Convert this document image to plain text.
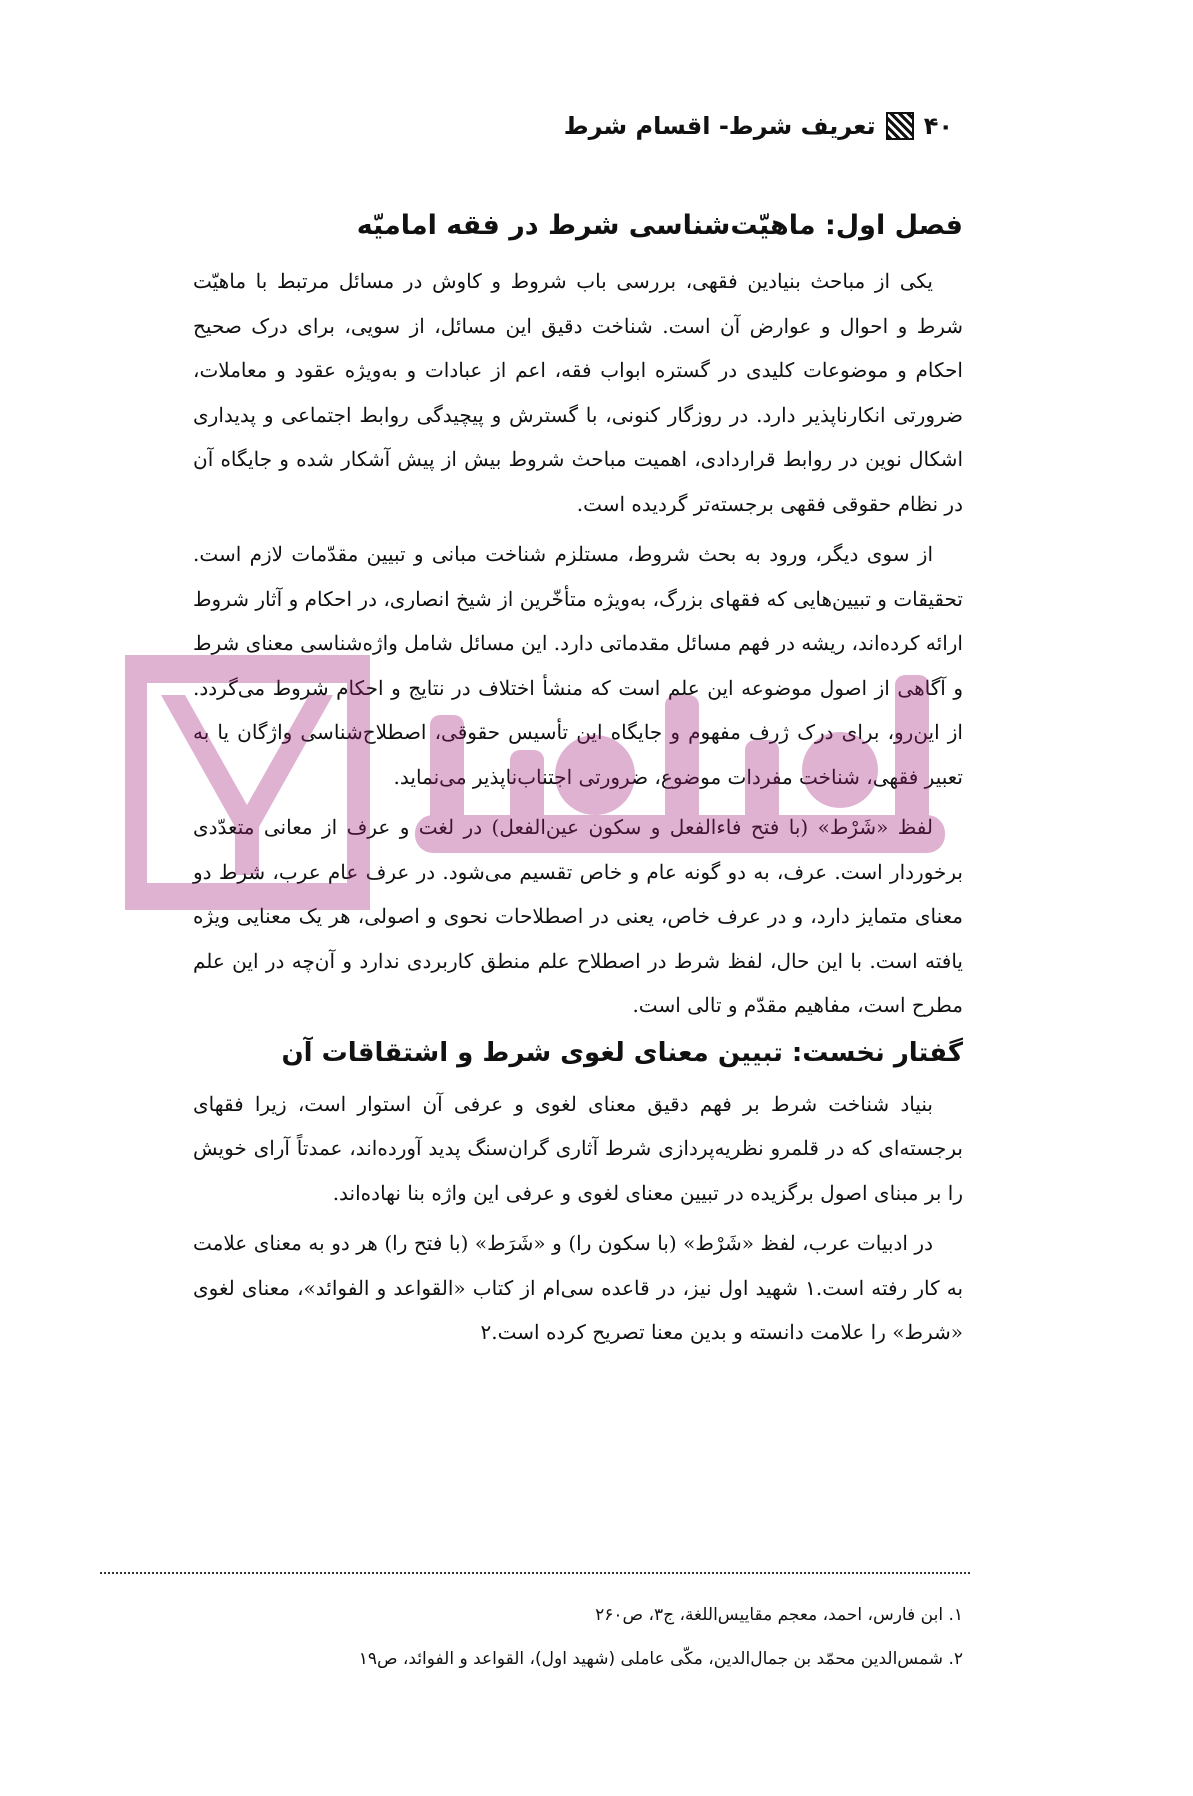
۴۰
تعریف شرط- اقسام شرط
فصل اول: ماهیّت‌شناسی شرط در فقه امامیّه

یکی از مباحث بنیادین فقهی، بررسی باب شروط و کاوش در مسائل مرتبط با ماهیّت شرط و احوال و عوارض آن است. شناخت دقیق این مسائل، از سویی، برای درک صحیح احکام و موضوعات کلیدی در گستره ابواب فقه، اعم از عبادات و به‌ویژه عقود و معاملات، ضرورتی انکارناپذیر دارد. در روزگار کنونی، با گسترش و پیچیدگی روابط اجتماعی و پدیداری اشکال نوین در روابط قراردادی، اهمیت مباحث شروط بیش از پیش آشکار شده و جایگاه آن در نظام حقوقی فقهی برجسته‌تر گردیده است.

از سوی دیگر، ورود به بحث شروط، مستلزم شناخت مبانی و تبیین مقدّمات لازم است. تحقیقات و تبیین‌هایی که فقهای بزرگ، به‌ویژه متأخّرین از شیخ انصاری، در احکام و آثار شروط ارائه کرده‌اند، ریشه در فهم مسائل مقدماتی دارد. این مسائل شامل واژه‌شناسی معنای شرط و آگاهی از اصول موضوعه این علم است که منشأ اختلاف در نتایج و احکام شروط می‌گردد. از این‌رو، برای درک ژرف مفهوم و جایگاه این تأسیس حقوقی، اصطلاح‌شناسی واژگان یا به تعبیر فقهی، شناخت مفردات موضوع، ضرورتی اجتناب‌ناپذیر می‌نماید.

لفظ «شَرْط» (با فتح فاءالفعل و سکون عین‌الفعل) در لغت و عرف از معانی متعدّدی برخوردار است. عرف، به دو گونه عام و خاص تقسیم می‌شود. در عرف عام عرب، شرط دو معنای متمایز دارد، و در عرف خاص، یعنی در اصطلاحات نحوی و اصولی، هر یک معنایی ویژه یافته است. با این حال، لفظ شرط در اصطلاح علم منطق کاربردی ندارد و آن‌چه در این علم مطرح است، مفاهیم مقدّم و تالی است.

گفتار نخست: تبیین معنای لغوی شرط و اشتقاقات آن

بنیاد شناخت شرط بر فهم دقیق معنای لغوی و عرفی آن استوار است، زیرا فقهای برجسته‌ای که در قلمرو نظریه‌پردازی شرط آثاری گران‌سنگ پدید آورده‌اند، عمدتاً آرای خویش را بر مبنای اصول برگزیده در تبیین معنای لغوی و عرفی این واژه بنا نهاده‌اند.

در ادبیات عرب، لفظ «شَرْط» (با سکون را) و «شَرَط» (با فتح را) هر دو به معنای علامت به کار رفته است.۱ شهید اول نیز، در قاعده سی‌ام از کتاب «القواعد و الفوائد»، معنای لغوی «شرط» را علامت دانسته و بدین معنا تصریح کرده است.۲

۱. ابن فارس، احمد، معجم مقاییس‌اللغة، ج۳، ص۲۶۰

۲. شمس‌الدین محمّد بن جمال‌الدین، مکّی عاملی (شهید اول)، القواعد و الفوائد، ص۱۹
